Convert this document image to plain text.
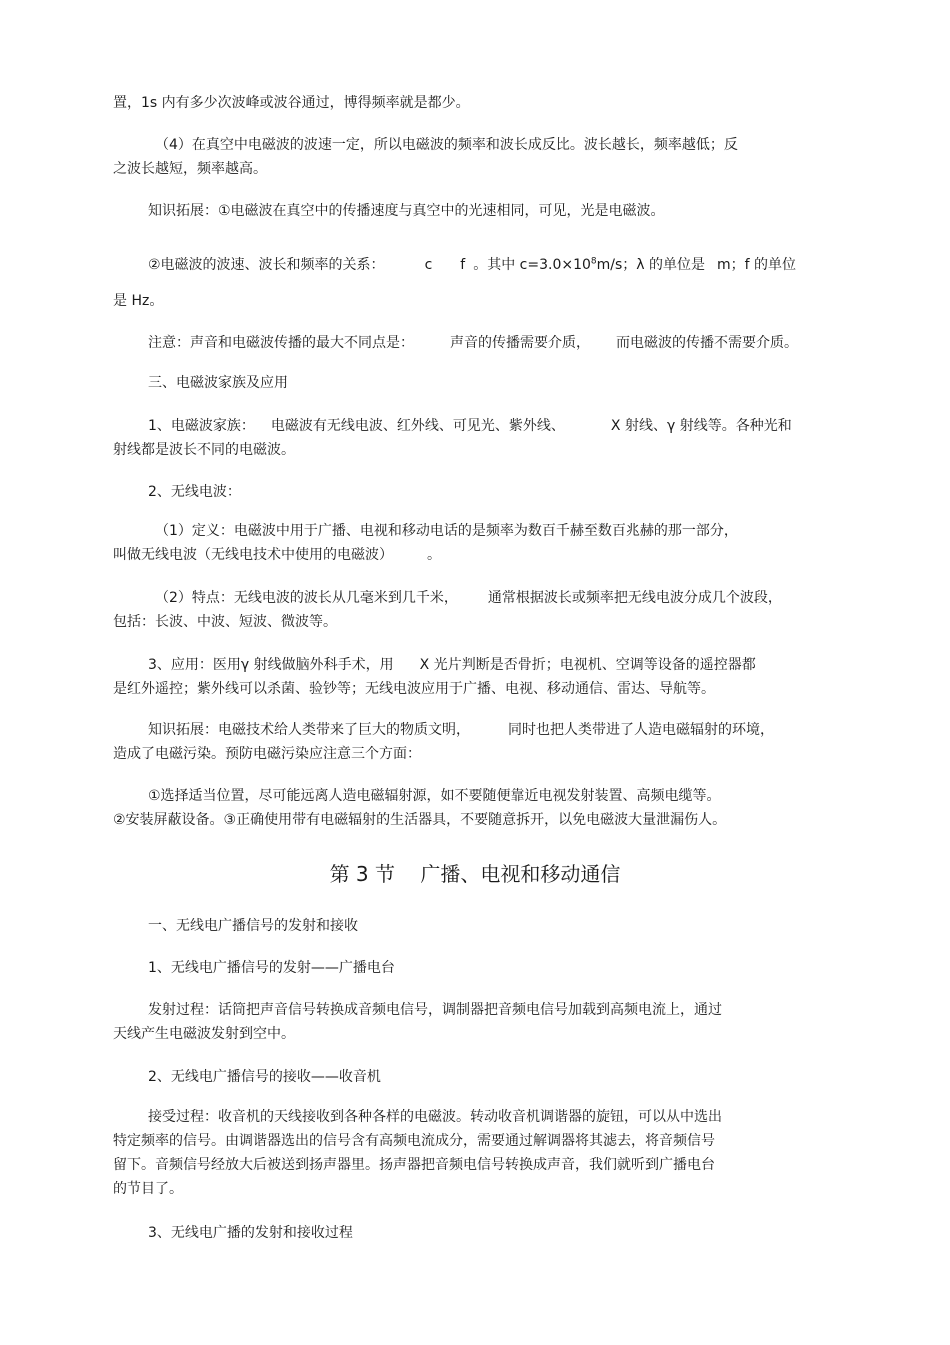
置，1s 内有多少次波峰或波谷通过，博得频率就是都少。

（4）在真空中电磁波的波速一定，所以电磁波的频率和波长成反比。波长越长，频率越低；反

之波长越短，频率越高。

知识拓展：①电磁波在真空中的传播速度与真空中的光速相同，可见，光是电磁波。

②电磁波的波速、波长和频率的关系：	c f 。其中 $c=3.0\times 10^8m/s$；λ 的单位是 m；f 的单位

是 Hz。

注意：声音和电磁波传播的最大不同点是：	声音的传播需要介质， 而电磁波的传播不需要介质。

三、电磁波家族及应用

1、电磁波家族： 电磁波有无线电波、红外线、可见光、紫外线、	X 射线、γ 射线等。各种光和

射线都是波长不同的电磁波。

2、无线电波：

（1）定义：电磁波中用于广播、电视和移动电话的是频率为数百千赫至数百兆赫的那一部分，

叫做无线电波（无线电技术中使用的电磁波） 。

（2）特点：无线电波的波长从几毫米到几千米， 通常根据波长或频率把无线电波分成几个波段，

包括：长波、中波、短波、微波等。

3、应用：医用γ 射线做脑外科手术，用 X 光片判断是否骨折；电视机、空调等设备的遥控器都

是红外遥控；紫外线可以杀菌、验钞等；无线电波应用于广播、电视、移动通信、雷达、导航等。

知识拓展：电磁技术给人类带来了巨大的物质文明，	同时也把人类带进了人造电磁辐射的环境，

造成了电磁污染。预防电磁污染应注意三个方面：

①选择适当位置，尽可能远离人造电磁辐射源，如不要随便靠近电视发射装置、高频电缆等。

②安装屏蔽设备。③正确使用带有电磁辐射的生活器具，不要随意拆开，以免电磁波大量泄漏伤人。

第 3 节    广播、电视和移动通信

一、无线电广播信号的发射和接收

1、无线电广播信号的发射——广播电台

发射过程：话筒把声音信号转换成音频电信号，调制器把音频电信号加载到高频电流上，通过

天线产生电磁波发射到空中。

2、无线电广播信号的接收——收音机

接受过程：收音机的天线接收到各种各样的电磁波。转动收音机调谐器的旋钮，可以从中选出

特定频率的信号。由调谐器选出的信号含有高频电流成分，需要通过解调器将其滤去，将音频信号

留下。音频信号经放大后被送到扬声器里。扬声器把音频电信号转换成声音，我们就听到广播电台

的节目了。

3、无线电广播的发射和接收过程
